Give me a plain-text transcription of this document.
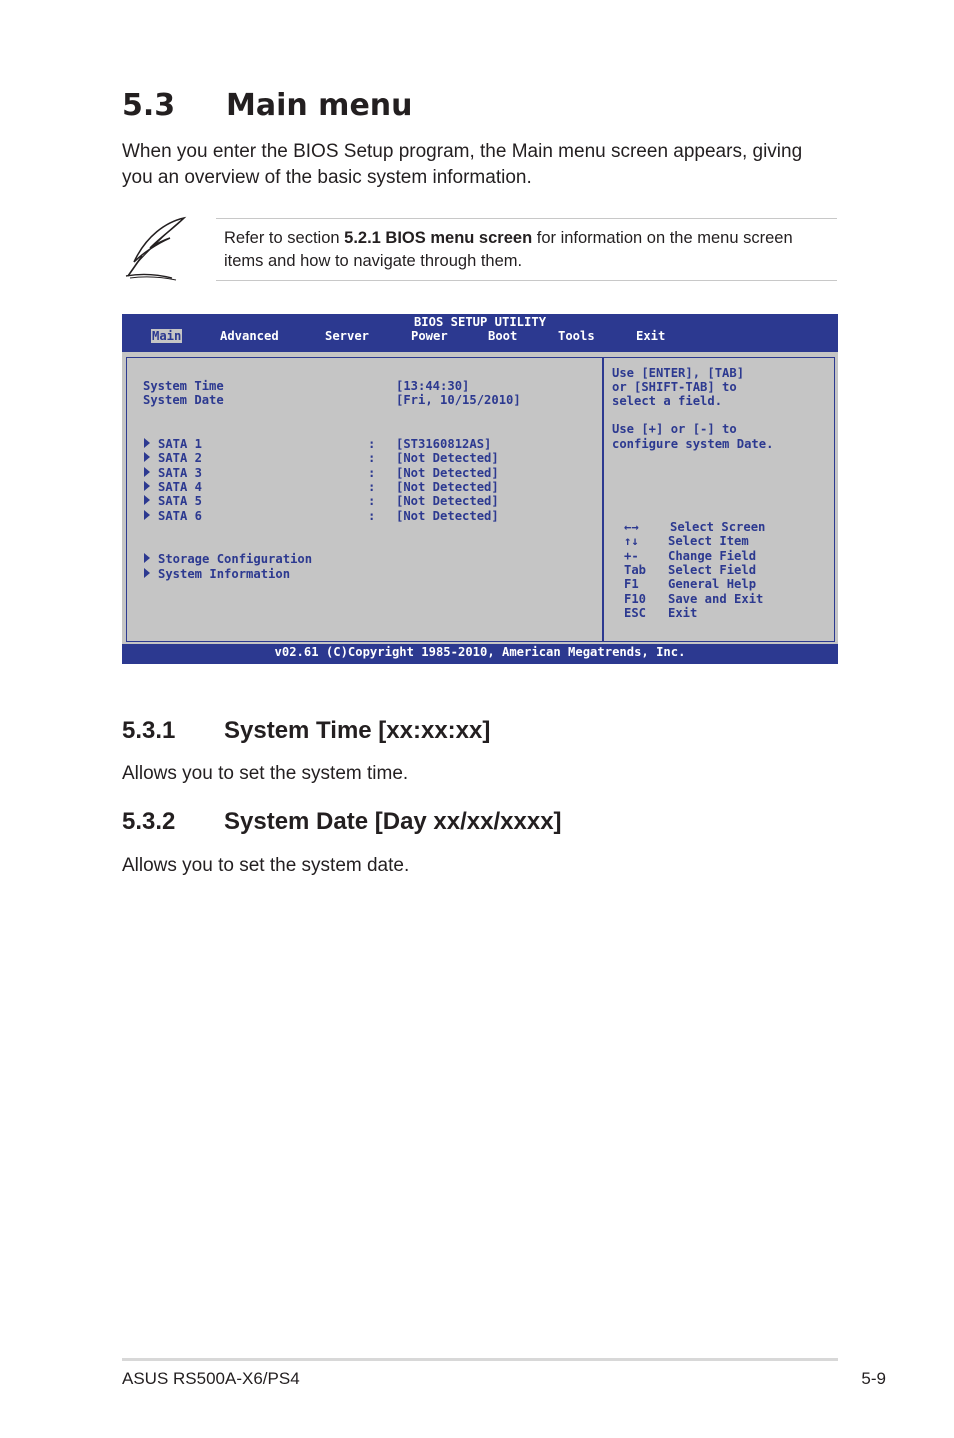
5.3 Main menu
When you enter the BIOS Setup program, the Main menu screen appears, giving you an overview of the basic system information.
Refer to section 5.2.1 BIOS menu screen for information on the menu screen items and how to navigate through them.
BIOS SETUP UTILITY
Main	Advanced	Server	Power	Boot	Tools	Exit
System Time	[13:44:30]
System Date	[Fri, 10/15/2010]
SATA 1	: [ST3160812AS]
SATA 2	: [Not Detected]
SATA 3	: [Not Detected]
SATA 4	: [Not Detected]
SATA 5	: [Not Detected]
SATA 6	: [Not Detected]
Storage Configuration
System Information
Use [ENTER], [TAB]
or [SHIFT-TAB] to
select a field.
Use [+] or [-] to
configure system Date.
←→	Select Screen
↑↓ Select Item
+- Change Field
Tab Select Field
F1 General Help
F10 Save and Exit
ESC Exit
v02.61 (C)Copyright 1985-2010, American Megatrends, Inc.
5.3.1 System Time [xx:xx:xx]
Allows you to set the system time.
5.3.2 System Date [Day xx/xx/xxxx]
Allows you to set the system date.
ASUS RS500A-X6/PS4	5-9
